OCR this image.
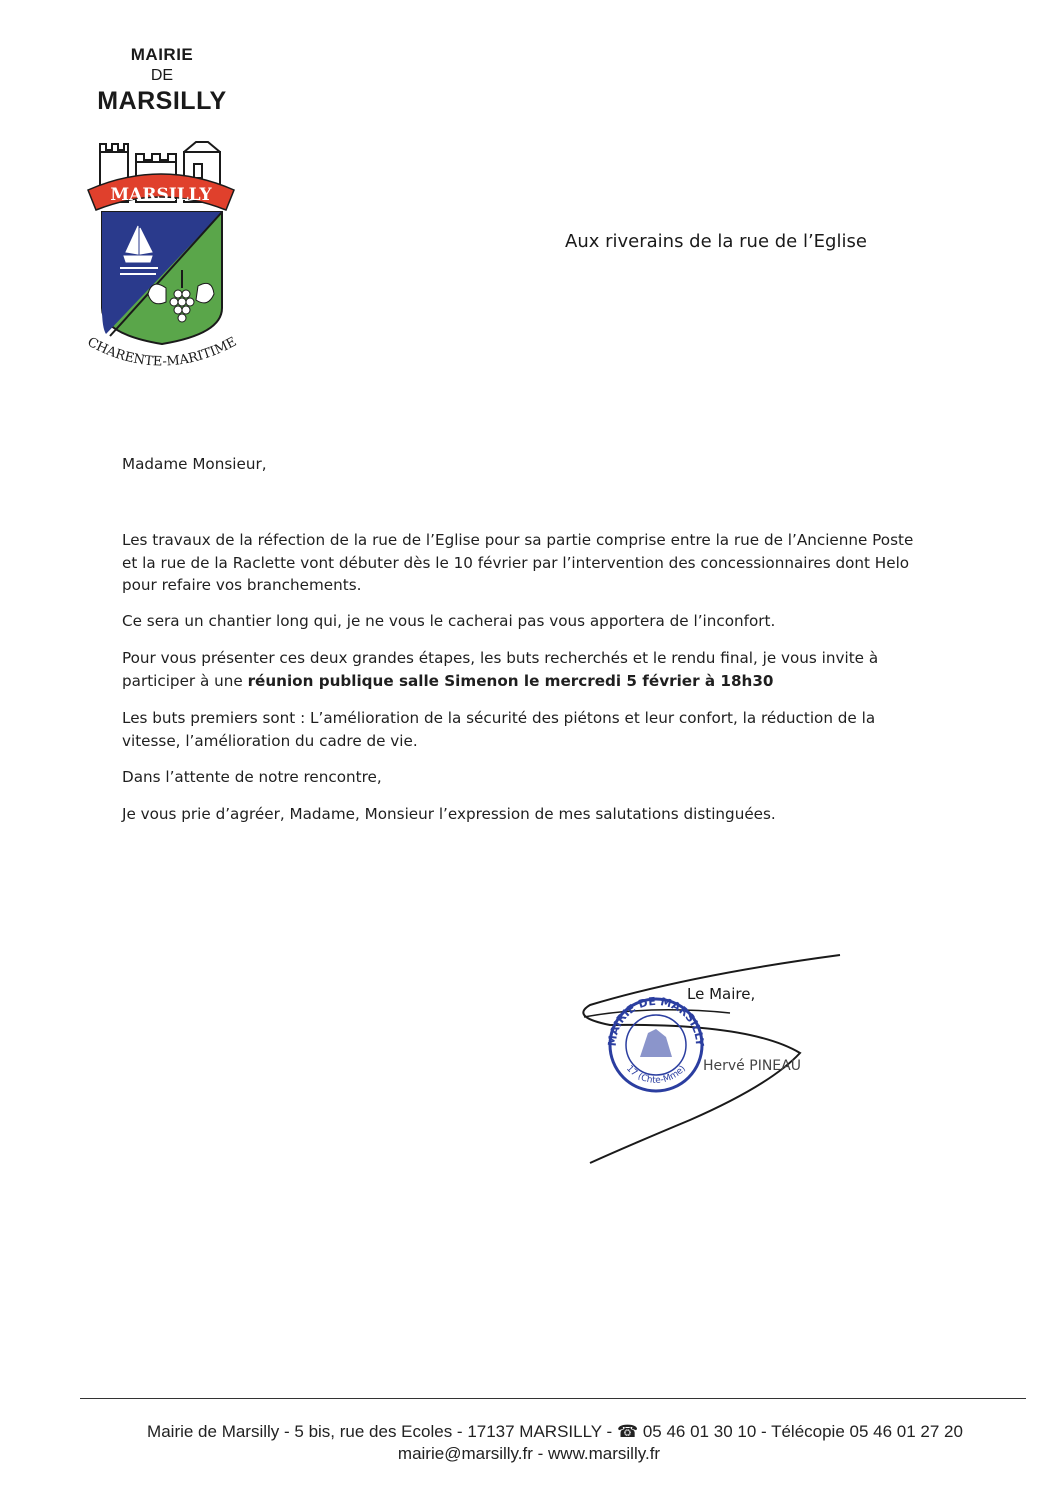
MAIRIE
DE
MARSILLY
MARSILLY
CHARENTE-MARITIME
Aux riverains de la rue de l’Eglise
Madame Monsieur,
Les travaux de la réfection de la rue de l’Eglise pour sa partie comprise entre la rue de l’Ancienne Poste et la rue de la Raclette vont débuter dès le 10 février par l’intervention des concessionnaires dont Helo pour refaire vos branchements.
Ce sera un chantier long qui, je ne vous le cacherai pas vous apportera de l’inconfort.
Pour vous présenter ces deux grandes étapes, les buts recherchés et le rendu final, je vous invite à participer à une réunion publique salle Simenon le mercredi 5 février à 18h30
Les buts premiers sont : L’amélioration de la sécurité des piétons et leur confort, la réduction de la vitesse, l’amélioration du cadre de vie.
Dans l’attente de notre rencontre,
Je vous prie d’agréer, Madame, Monsieur l’expression de mes salutations distinguées.
MAIRIE DE MARSILLY
17 (Chte-Mme)
Le Maire,
Hervé PINEAU
Mairie de Marsilly - 5 bis, rue des Ecoles - 17137 MARSILLY - ☎ 05 46 01 30 10 - Télécopie 05 46 01 27 20
mairie@marsilly.fr - www.marsilly.fr
